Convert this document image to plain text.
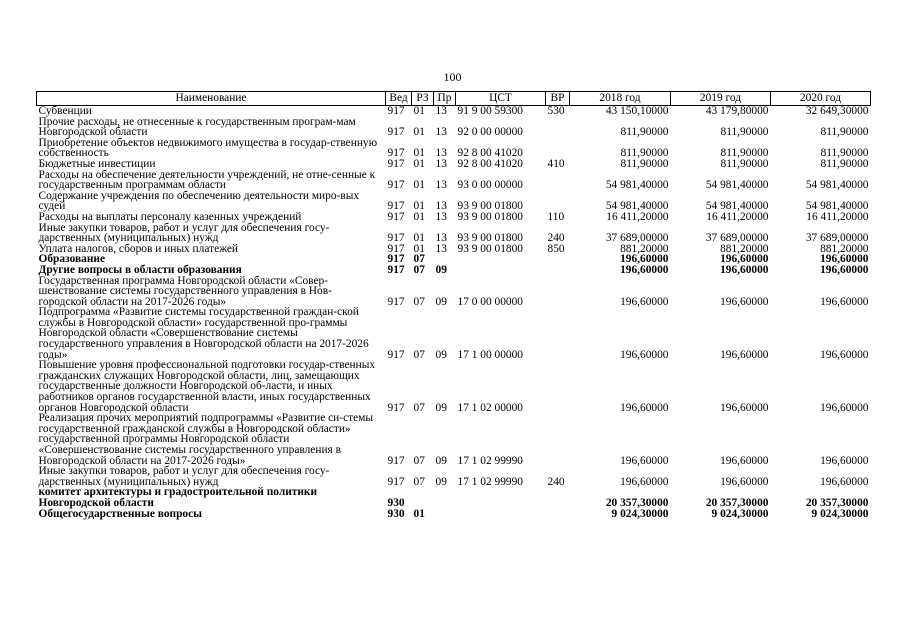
100
Наименование	Вед	РЗ	Пр	ЦСТ	ВР	2018 год	2019 год	2020 год
Субвенции	917	01	13	91 9 00 59300	530	43 150,10000	43 179,80000	32 649,30000
Прочие расходы, не отнесенные к государственным програм-мам Новгородской области	917	01	13	92 0 00 00000		811,90000	811,90000	811,90000
Приобретение объектов недвижимого имущества в государ-ственную собственность	917	01	13	92 8 00 41020		811,90000	811,90000	811,90000
Бюджетные инвестиции	917	01	13	92 8 00 41020	410	811,90000	811,90000	811,90000
Расходы на обеспечение деятельности учреждений, не отне-сенные к государственным программам области	917	01	13	93 0 00 00000		54 981,40000	54 981,40000	54 981,40000
Содержание учреждения по обеспечению деятельности миро-вых судей	917	01	13	93 9 00 01800		54 981,40000	54 981,40000	54 981,40000
Расходы на выплаты персоналу казенных учреждений	917	01	13	93 9 00 01800	110	16 411,20000	16 411,20000	16 411,20000
Иные закупки товаров, работ и услуг для обеспечения госу-дарственных (муниципальных) нужд	917	01	13	93 9 00 01800	240	37 689,00000	37 689,00000	37 689,00000
Уплата налогов, сборов и иных платежей	917	01	13	93 9 00 01800	850	881,20000	881,20000	881,20000
Образование	917	07				196,60000	196,60000	196,60000
Другие вопросы в области образования	917	07	09			196,60000	196,60000	196,60000
Государственная программа Новгородской области «Совер-шенствование системы государственного управления в Нов-городской области на 2017-2026 годы»	917	07	09	17 0 00 00000		196,60000	196,60000	196,60000
Подпрограмма «Развитие системы государственной граждан-ской службы в Новгородской области» государственной про-граммы Новгородской области «Совершенствование системы государственного управления в Новгородской области на 2017-2026 годы»	917	07	09	17 1 00 00000		196,60000	196,60000	196,60000
Повышение уровня профессиональной подготовки государ-ственных гражданских служащих Новгородской области, лиц, замещающих государственные должности Новгородской об-ласти, и иных работников органов государственной власти, иных государственных органов Новгородской области	917	07	09	17 1 02 00000		196,60000	196,60000	196,60000
Реализация прочих мероприятий подпрограммы «Развитие си-стемы государственной гражданской службы в Новгородской области» государственной программы Новгородской области «Совершенствование системы государственного управления в Новгородской области на 2017-2026 годы»	917	07	09	17 1 02 99990		196,60000	196,60000	196,60000
Иные закупки товаров, работ и услуг для обеспечения госу-дарственных (муниципальных) нужд	917	07	09	17 1 02 99990	240	196,60000	196,60000	196,60000
комитет архитектуры и градостроительной политики Новгородской области	930					20 357,30000	20 357,30000	20 357,30000
Общегосударственные вопросы	930	01				9 024,30000	9 024,30000	9 024,30000
